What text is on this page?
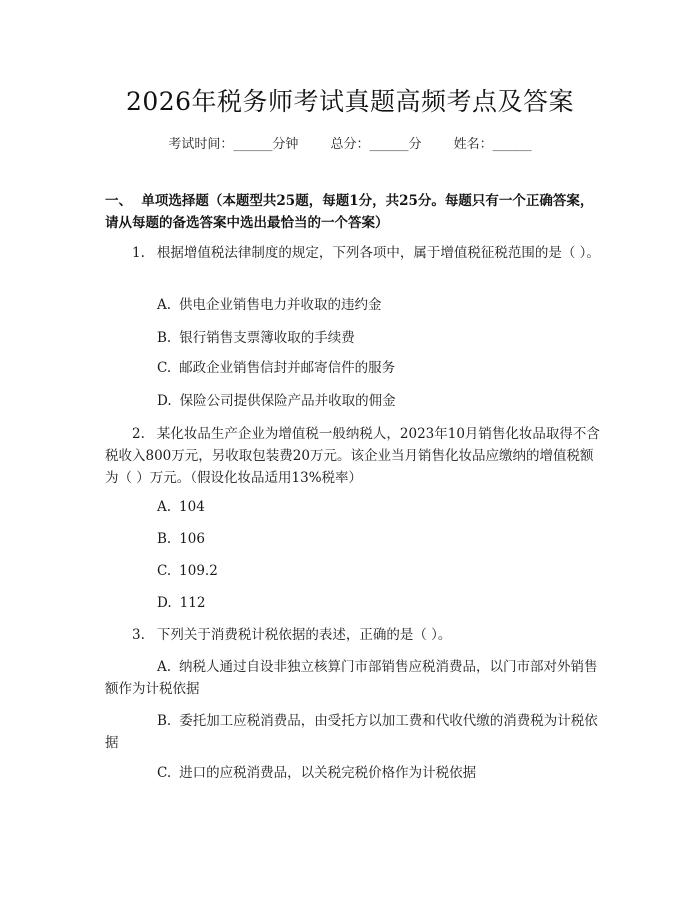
2026年税务师考试真题高频考点及答案
考试时间：______分钟 总分：______分 姓名：______
一、 单项选择题（本题型共25题，每题1分，共25分。每题只有一个正确答案，请从每题的备选答案中选出最恰当的一个答案）
1. 根据增值税法律制度的规定，下列各项中，属于增值税征税范围的是（ ）。
A. 供电企业销售电力并收取的违约金
B. 银行销售支票簿收取的手续费
C. 邮政企业销售信封并邮寄信件的服务
D. 保险公司提供保险产品并收取的佣金
2. 某化妆品生产企业为增值税一般纳税人，2023年10月销售化妆品取得不含税收入800万元，另收取包装费20万元。该企业当月销售化妆品应缴纳的增值税额为（ ）万元。（假设化妆品适用13%税率）
A. 104
B. 106
C. 109.2
D. 112
3. 下列关于消费税计税依据的表述，正确的是（ ）。
A. 纳税人通过自设非独立核算门市部销售应税消费品，以门市部对外销售额作为计税依据
B. 委托加工应税消费品，由受托方以加工费和代收代缴的消费税为计税依据
C. 进口的应税消费品，以关税完税价格作为计税依据
